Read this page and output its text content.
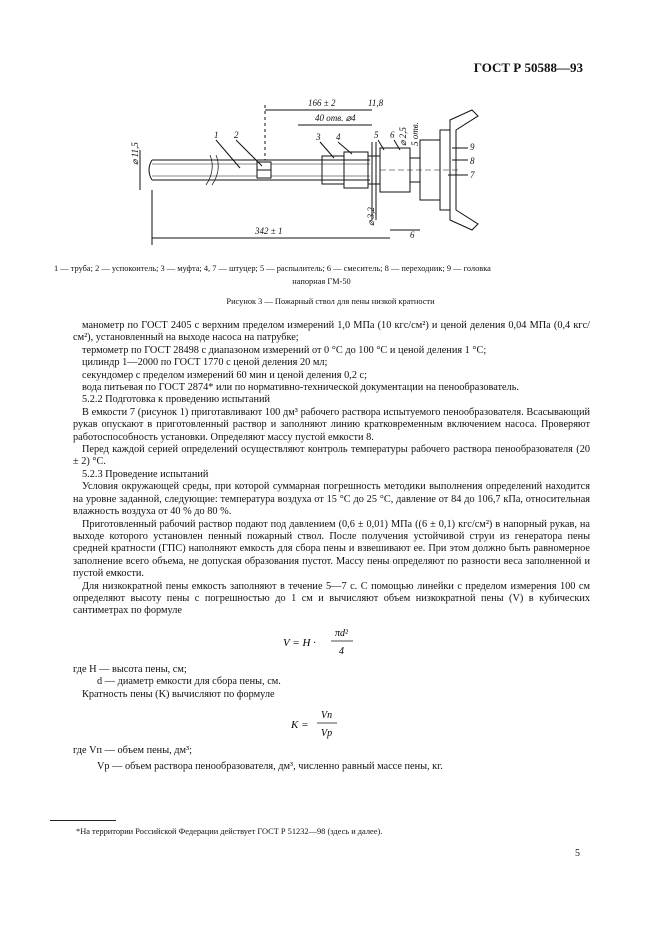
ГОСТ Р 50588—93
166 ± 2	11,8
40 отв. ⌀4
⌀ 11,5
⌀ 2,5 5 отв.
⌀ 3,2
342 ± 1	6
1 2	3 4	5 6
9
8
7
1 — труба; 2 — успокоитель; 3 — муфта; 4, 7 — штуцер; 5 — распылитель; 6 — смеситель; 8 — переходник; 9 — головка
напорная ГМ-50
Рисунок 3 — Пожарный ствол для пены низкой кратности

манометр по ГОСТ 2405 с верхним пределом измерений 1,0 МПа (10 кгс/см²) и ценой деления 0,04 МПа (0,4 кгс/см²), установленный на выходе насоса на патрубке;

термометр по ГОСТ 28498 с диапазоном измерений от 0 °С до 100 °С и ценой деления 1 °С;

цилиндр 1—2000 по ГОСТ 1770 с ценой деления 20 мл;

секундомер с пределом измерений 60 мин и ценой деления 0,2 с;

вода питьевая по ГОСТ 2874* или по нормативно-технической документации на пенообразователь.

5.2.2 Подготовка к проведению испытаний

В емкости 7 (рисунок 1) приготавливают 100 дм³ рабочего раствора испытуемого пенообразователя. Всасывающий рукав опускают в приготовленный раствор и заполняют линию кратковременным включением насоса. Проверяют работоспособность установки. Определяют массу пустой емкости 8.

Перед каждой серией определений осуществляют контроль температуры рабочего раствора пенообразователя (20 ± 2) °С.

5.2.3 Проведение испытаний

Условия окружающей среды, при которой суммарная погрешность методики выполнения определений находится на уровне заданной, следующие: температура воздуха от 15 °С до 25 °С, давление от 84 до 106,7 кПа, относительная влажность воздуха от 40 % до 80 %.

Приготовленный рабочий раствор подают под давлением (0,6 ± 0,01) МПа ((6 ± 0,1) кгс/см²) в напорный рукав, на выходе которого установлен пенный пожарный ствол. После получения устойчивой струи из генератора пены средней кратности (ГПС) наполняют емкость для сбора пены и взвешивают ее. При этом должно быть равномерное заполнение всего объема, не допуская образования пустот. Массу пены определяют по разности веса заполненной и пустой емкости.

Для низкократной пены емкость заполняют в течение 5—7 с. С помощью линейки с пределом измерения 100 см определяют высоту пены с погрешностью до 1 см и вычисляют объем низкократной пены (V) в кубических сантиметрах по формуле

V = H ·
πd²
4

где H — высота пены, см;

d — диаметр емкости для сбора пены, см.

Кратность пены (K) вычисляют по формуле

K =
Vп
Vр

где Vп — объем пены, дм³;

Vр — объем раствора пенообразователя, дм³, численно равный массе пены, кг.

*На территории Российской Федерации действует ГОСТ Р 51232—98 (здесь и далее).
5
